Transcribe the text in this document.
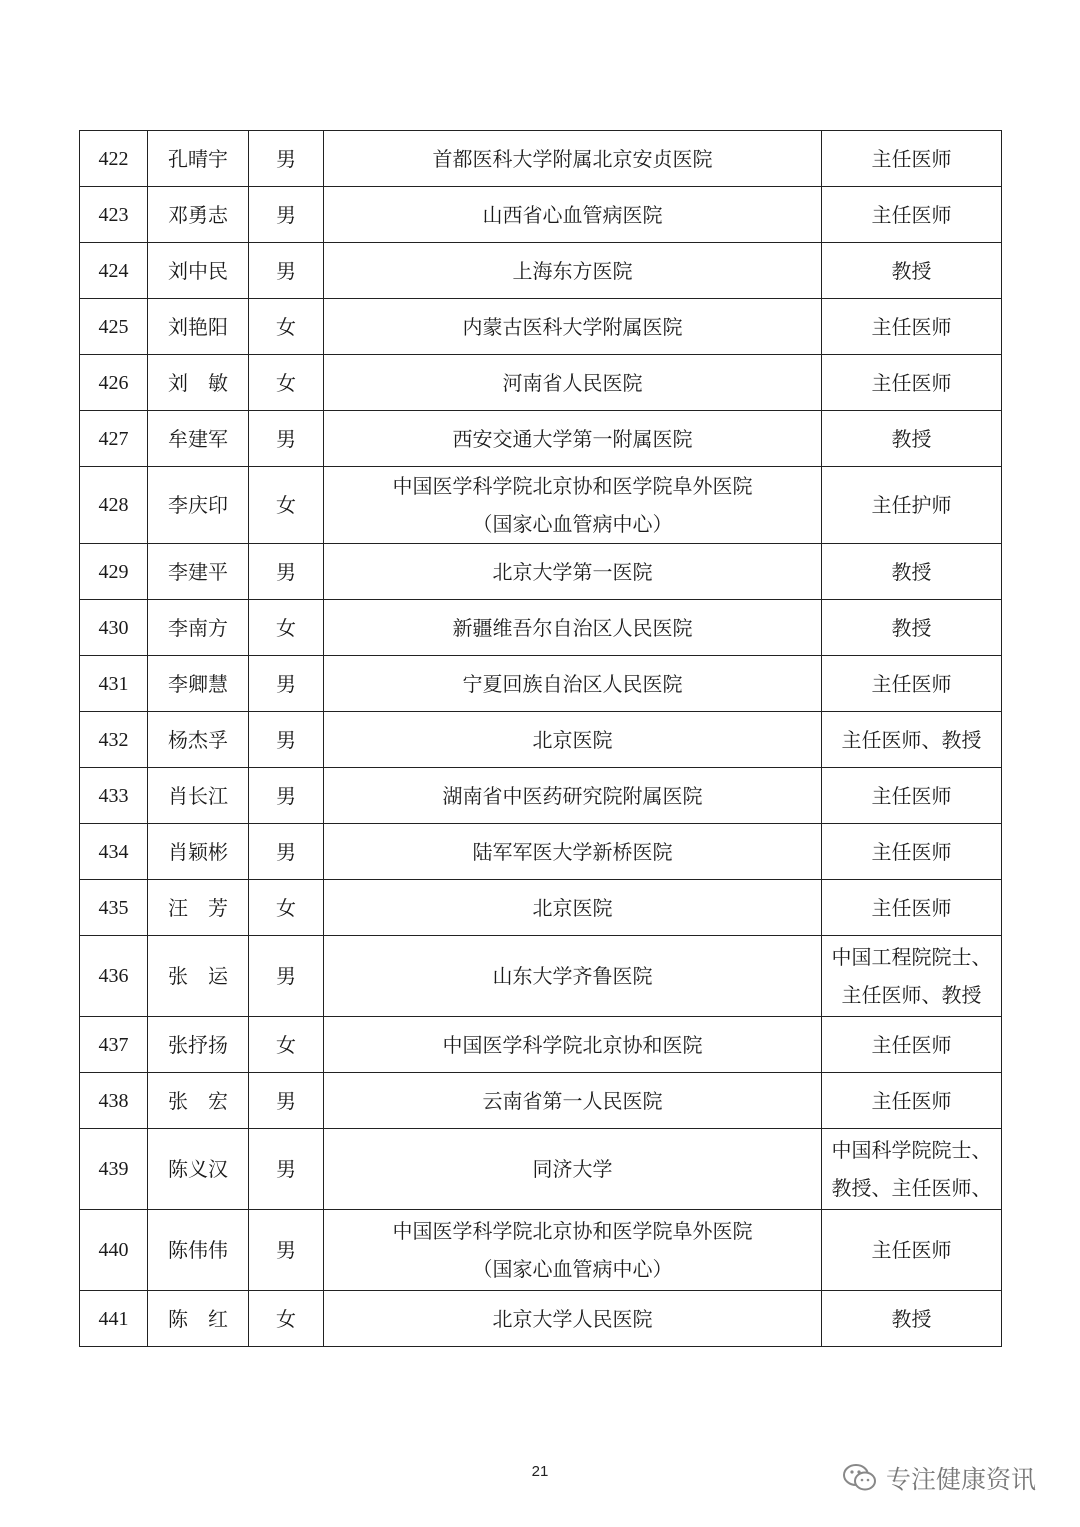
422	孔晴宇	男	首都医科大学附属北京安贞医院	主任医师

423	邓勇志	男	山西省心血管病医院	主任医师

424	刘中民	男	上海东方医院	教授

425	刘艳阳	女	内蒙古医科大学附属医院	主任医师

426	刘　敏	女	河南省人民医院	主任医师

427	牟建军	男	西安交通大学第一附属医院	教授

428	李庆印	女	中国医学科学院北京协和医学院阜外医院
（国家心血管病中心）	主任护师

429	李建平	男	北京大学第一医院	教授

430	李南方	女	新疆维吾尔自治区人民医院	教授

431	李卿慧	男	宁夏回族自治区人民医院	主任医师

432	杨杰孚	男	北京医院	主任医师、教授

433	肖长江	男	湖南省中医药研究院附属医院	主任医师

434	肖颖彬	男	陆军军医大学新桥医院	主任医师

435	汪　芳	女	北京医院	主任医师

436	张　运	男	山东大学齐鲁医院	中国工程院院士、
主任医师、教授

437	张抒扬	女	中国医学科学院北京协和医院	主任医师

438	张　宏	男	云南省第一人民医院	主任医师

439	陈义汉	男	同济大学	中国科学院院士、
教授、主任医师、

440	陈伟伟	男	中国医学科学院北京协和医学院阜外医院
（国家心血管病中心）	主任医师

441	陈　红	女	北京大学人民医院	教授
21	专注健康资讯
